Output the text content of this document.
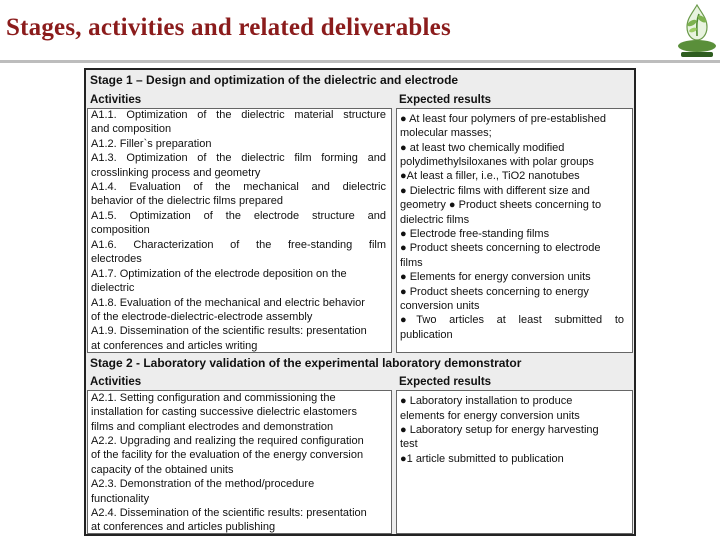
Stages, activities and related deliverables
Stage 1 – Design and optimization of the dielectric and electrode
Activities	Expected results
A1.1. Optimization of the dielectric material structure
and composition
A1.2. Filler`s preparation
A1.3. Optimization of the dielectric film forming and
crosslinking process and geometry
A1.4. Evaluation of the mechanical and dielectric
behavior of the dielectric films prepared
A1.5. Optimization of the electrode structure and
composition
A1.6. Characterization of the free-standing film
electrodes
A1.7. Optimization of the electrode deposition on the
dielectric
A1.8. Evaluation of the mechanical and electric behavior
of the electrode-dielectric-electrode assembly
A1.9. Dissemination of the scientific results: presentation
at conferences and articles writing
● At least four polymers of pre-established
molecular masses;
● at least two chemically modified
polydimethylsiloxanes with polar groups
●At least a filler, i.e., TiO2 nanotubes
● Dielectric films with different size and
geometry ● Product sheets concerning to
dielectric films
● Electrode free-standing films
● Product sheets concerning to electrode
films
● Elements for energy conversion units
● Product sheets concerning to energy
conversion units
●Two articles at least submitted to
publication
Stage 2 - Laboratory validation of the experimental laboratory demonstrator
Activities	Expected results
A2.1. Setting configuration and commissioning the
installation for casting successive dielectric elastomers
films and compliant electrodes and demonstration
A2.2. Upgrading and realizing the required configuration
of the facility for the evaluation of the energy conversion
capacity of the obtained units
A2.3. Demonstration of the method/procedure
functionality
A2.4. Dissemination of the scientific results: presentation
at conferences and articles publishing
● Laboratory installation to produce
elements for energy conversion units
● Laboratory setup for energy harvesting
test
●1 article submitted to publication
